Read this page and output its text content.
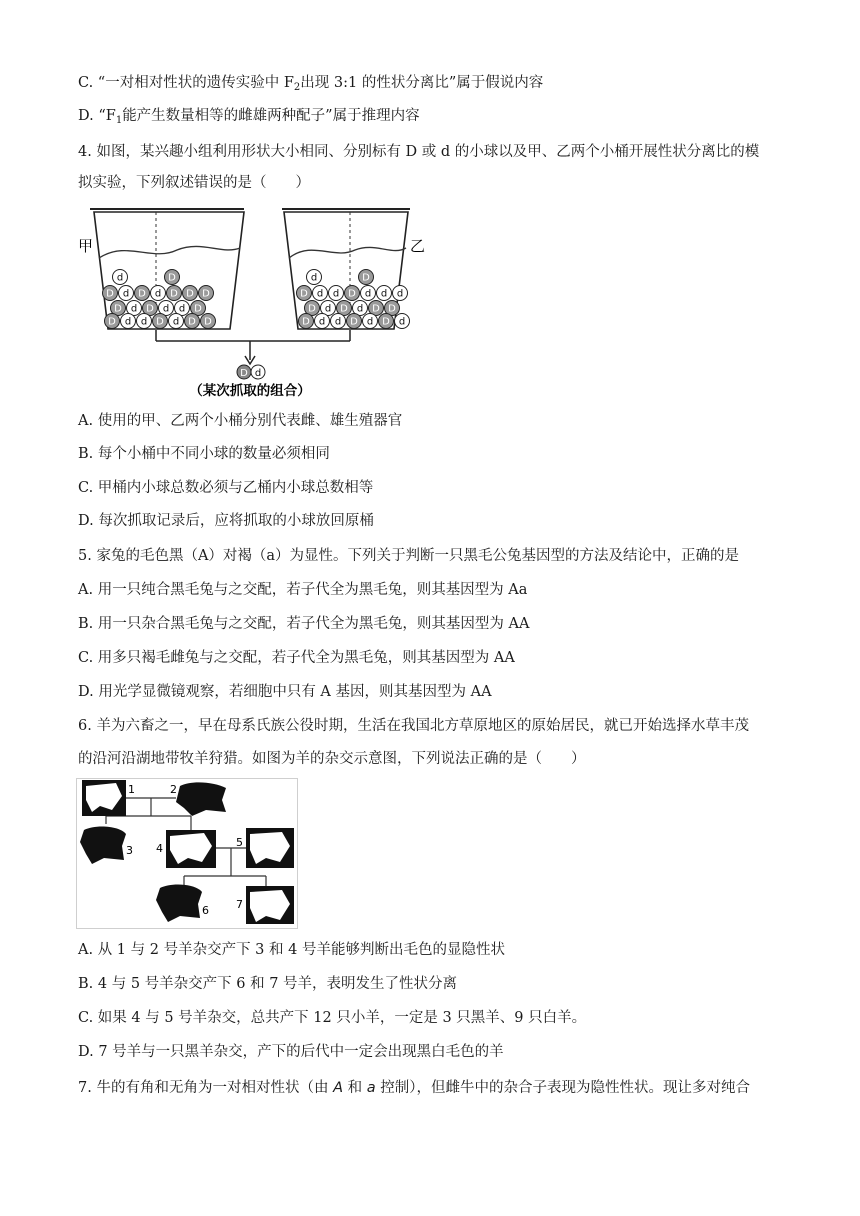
C. “一对相对性状的遗传实验中 $F_2$出现 3:1 的性状分离比”属于假说内容
D. “$F_1$能产生数量相等的雌雄两种配子”属于推理内容
4. 如图，某兴趣小组利用形状大小相同、分别标有 D 或 d 的小球以及甲、乙两个小桶开展性状分离比的模
拟实验，下列叙述错误的是（　　）
甲	乙
d	D
D d D d D D D
D d D d d D
D d d D d D D
d	D
D d d D d d d
D d D d D D
D d d D d D d
D d
（某次抓取的组合）
A. 使用的甲、乙两个小桶分别代表雌、雄生殖器官
B. 每个小桶中不同小球的数量必须相同
C. 甲桶内小球总数必须与乙桶内小球总数相等
D. 每次抓取记录后，应将抓取的小球放回原桶
5. 家兔的毛色黑（A）对褐（a）为显性。下列关于判断一只黑毛公兔基因型的方法及结论中，正确的是
A. 用一只纯合黑毛兔与之交配，若子代全为黑毛兔，则其基因型为 Aa
B. 用一只杂合黑毛兔与之交配，若子代全为黑毛兔，则其基因型为 AA
C. 用多只褐毛雌兔与之交配，若子代全为黑毛兔，则其基因型为 AA
D. 用光学显微镜观察，若细胞中只有 A 基因，则其基因型为 AA
6. 羊为六畜之一，早在母系氏族公役时期，生活在我国北方草原地区的原始居民，就已开始选择水草丰茂
的沿河沿湖地带牧羊狩猎。如图为羊的杂交示意图，下列说法正确的是（　　）
1	2
3 4	5
6 7
A. 从 1 与 2 号羊杂交产下 3 和 4 号羊能够判断出毛色的显隐性状
B. 4 与 5 号羊杂交产下 6 和 7 号羊，表明发生了性状分离
C. 如果 4 与 5 号羊杂交，总共产下 12 只小羊，一定是 3 只黑羊、9 只白羊。
D. 7 号羊与一只黑羊杂交，产下的后代中一定会出现黑白毛色的羊
7. 牛的有角和无角为一对相对性状（由 A 和 a 控制），但雌牛中的杂合子表现为隐性性状。现让多对纯合
